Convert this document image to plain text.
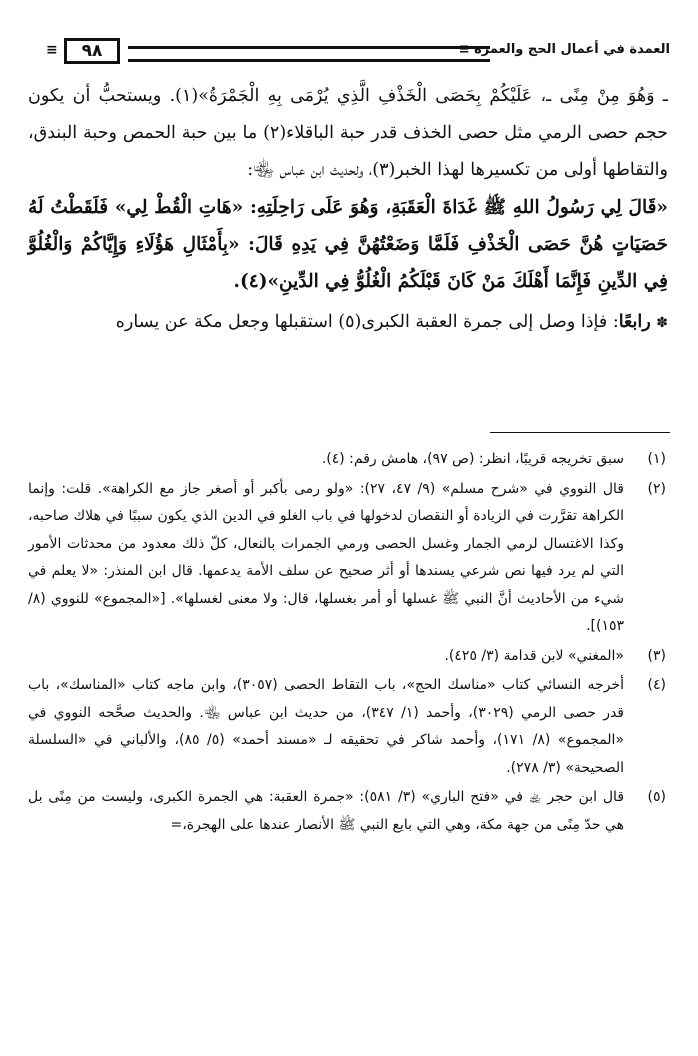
العمدة في أعمال الحج والعمرة ≡
٩٨
≡

ـ وَهُوَ مِنْ مِنًى ـ، عَلَيْكُمْ بِحَصَى الْخَذْفِ الَّذِي يُرْمَى بِهِ الْجَمْرَةُ»(١). ويستحبُّ أن يكون حجم حصى الرمي مثل حصى الخذف قدر حبة الباقلاء(٢) ما بين حبة الحمص وحبة البندق، والتقاطها أولى من تكسيرها لهذا الخبر(٣)، ولحديث ابن عباس ﵄:

«قَالَ لِي رَسُولُ اللهِ ﷺ غَدَاةَ الْعَقَبَةِ، وَهُوَ عَلَى رَاحِلَتِهِ: «هَاتِ الْقُطْ لِي» فَلَقَطْتُ لَهُ حَصَيَاتٍ هُنَّ حَصَى الْخَذْفِ فَلَمَّا وَضَعْتُهُنَّ فِي يَدِهِ قَالَ: «بِأَمْثَالِ هَؤُلَاءِ وَإِيَّاكُمْ وَالْغُلُوَّ فِي الدِّينِ فَإِنَّمَا أَهْلَكَ مَنْ كَانَ قَبْلَكُمُ الْغُلُوُّ فِي الدِّينِ»(٤).

✽ رابعًا: فإذا وصل إلى جمرة العقبة الكبرى(٥) استقبلها وجعل مكة عن يساره

(١)
سبق تخريجه قريبًا، انظر: (ص ٩٧)، هامش رقم: (٤).
(٢)
قال النووي في «شرح مسلم» (٩/ ٤٧، ٢٧): «ولو رمى بأكبر أو أصغر جاز مع الكراهة». قلت: وإنما الكراهة تقرَّرت في الزيادة أو النقصان لدخولها في باب الغلو في الدين الذي يكون سببًا في هلاك صاحبه، وكذا الاغتسال لرمي الجمار وغسل الحصى ورمي الجمرات بالنعال، كلّ ذلك معدود من محدثات الأمور التي لم يرد فيها نص شرعي يسندها أو أثر صحيح عن سلف الأمة يدعمها. قال ابن المنذر: «لا يعلم في شيء من الأحاديث أنَّ النبي ﷺ غسلها أو أمر بغسلها، قال: ولا معنى لغسلها». [«المجموع» للنووي (٨/ ١٥٣)].
(٣)
«المغني» لابن قدامة (٣/ ٤٢٥).
(٤)
أخرجه النسائي كتاب «مناسك الحج»، باب التقاط الحصى (٣٠٥٧)، وابن ماجه كتاب «المناسك»، باب قدر حصى الرمي (٣٠٢٩)، وأحمد (١/ ٣٤٧)، من حديث ابن عباس ﵄. والحديث صحَّحه النووي في «المجموع» (٨/ ١٧١)، وأحمد شاكر في تحقيقه لـ «مسند أحمد» (٥/ ٨٥)، والألباني في «السلسلة الصحيحة» (٣/ ٢٧٨).
(٥)
قال ابن حجر ﵀ في «فتح الباري» (٣/ ٥٨١): «جمرة العقبة: هي الجمرة الكبرى، وليست من مِنًى بل هي حدّ مِنًى من جهة مكة، وهي التي بايع النبي ﷺ الأنصار عندها على الهجرة،=
